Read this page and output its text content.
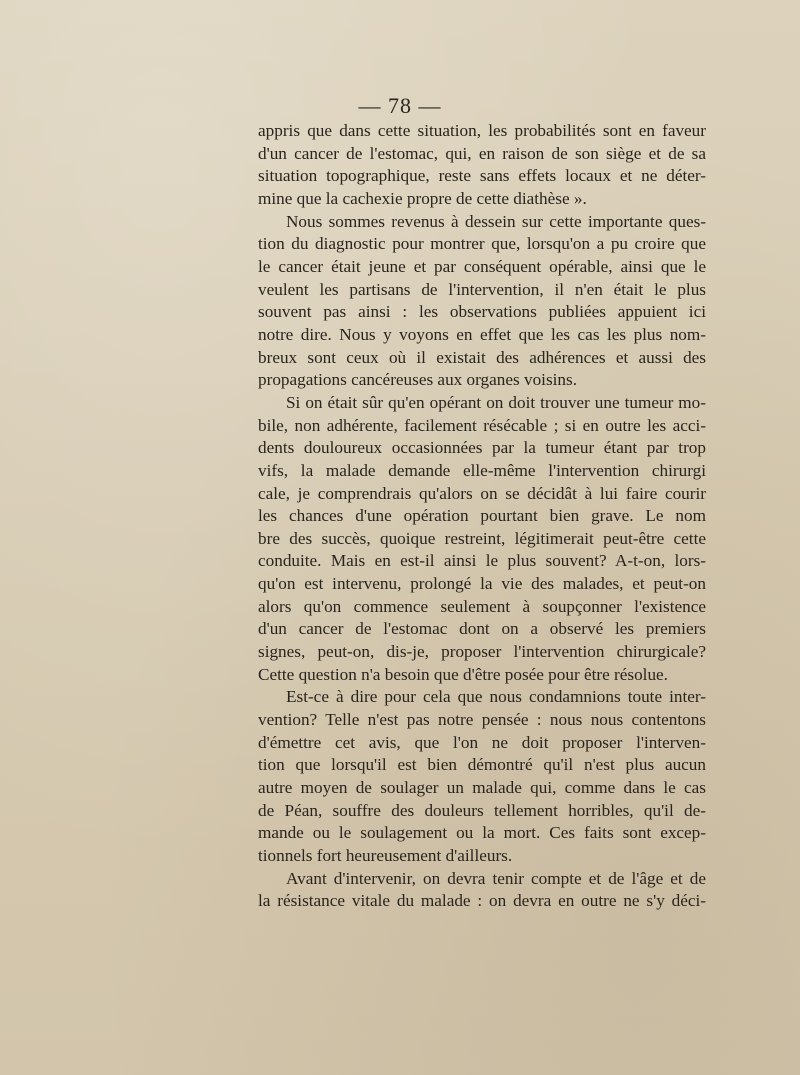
— 78 —
appris que dans cette situation, les probabilités sont en faveur
d'un cancer de l'estomac, qui, en raison de son siège et de sa
situation topographique, reste sans effets locaux et ne déter-
mine que la cachexie propre de cette diathèse ».
Nous sommes revenus à dessein sur cette importante ques-
tion du diagnostic pour montrer que, lorsqu'on a pu croire que
le cancer était jeune et par conséquent opérable, ainsi que le
veulent les partisans de l'intervention, il n'en était le plus
souvent pas ainsi : les observations publiées appuient ici
notre dire. Nous y voyons en effet que les cas les plus nom-
breux sont ceux où il existait des adhérences et aussi des
propagations cancéreuses aux organes voisins.
Si on était sûr qu'en opérant on doit trouver une tumeur mo-
bile, non adhérente, facilement résécable ; si en outre les acci-
dents douloureux occasionnées par la tumeur étant par trop
vifs, la malade demande elle-même l'intervention chirurgi
cale, je comprendrais qu'alors on se décidât à lui faire courir
les chances d'une opération pourtant bien grave. Le nom
bre des succès, quoique restreint, légitimerait peut-être cette
conduite. Mais en est-il ainsi le plus souvent? A-t-on, lors-
qu'on est intervenu, prolongé la vie des malades, et peut-on
alors qu'on commence seulement à soupçonner l'existence
d'un cancer de l'estomac dont on a observé les premiers
signes, peut-on, dis-je, proposer l'intervention chirurgicale?
Cette question n'a besoin que d'être posée pour être résolue.
Est-ce à dire pour cela que nous condamnions toute inter-
vention? Telle n'est pas notre pensée : nous nous contentons
d'émettre cet avis, que l'on ne doit proposer l'interven-
tion que lorsqu'il est bien démontré qu'il n'est plus aucun
autre moyen de soulager un malade qui, comme dans le cas
de Péan, souffre des douleurs tellement horribles, qu'il de-
mande ou le soulagement ou la mort. Ces faits sont excep-
tionnels fort heureusement d'ailleurs.
Avant d'intervenir, on devra tenir compte et de l'âge et de
la résistance vitale du malade : on devra en outre ne s'y déci-
